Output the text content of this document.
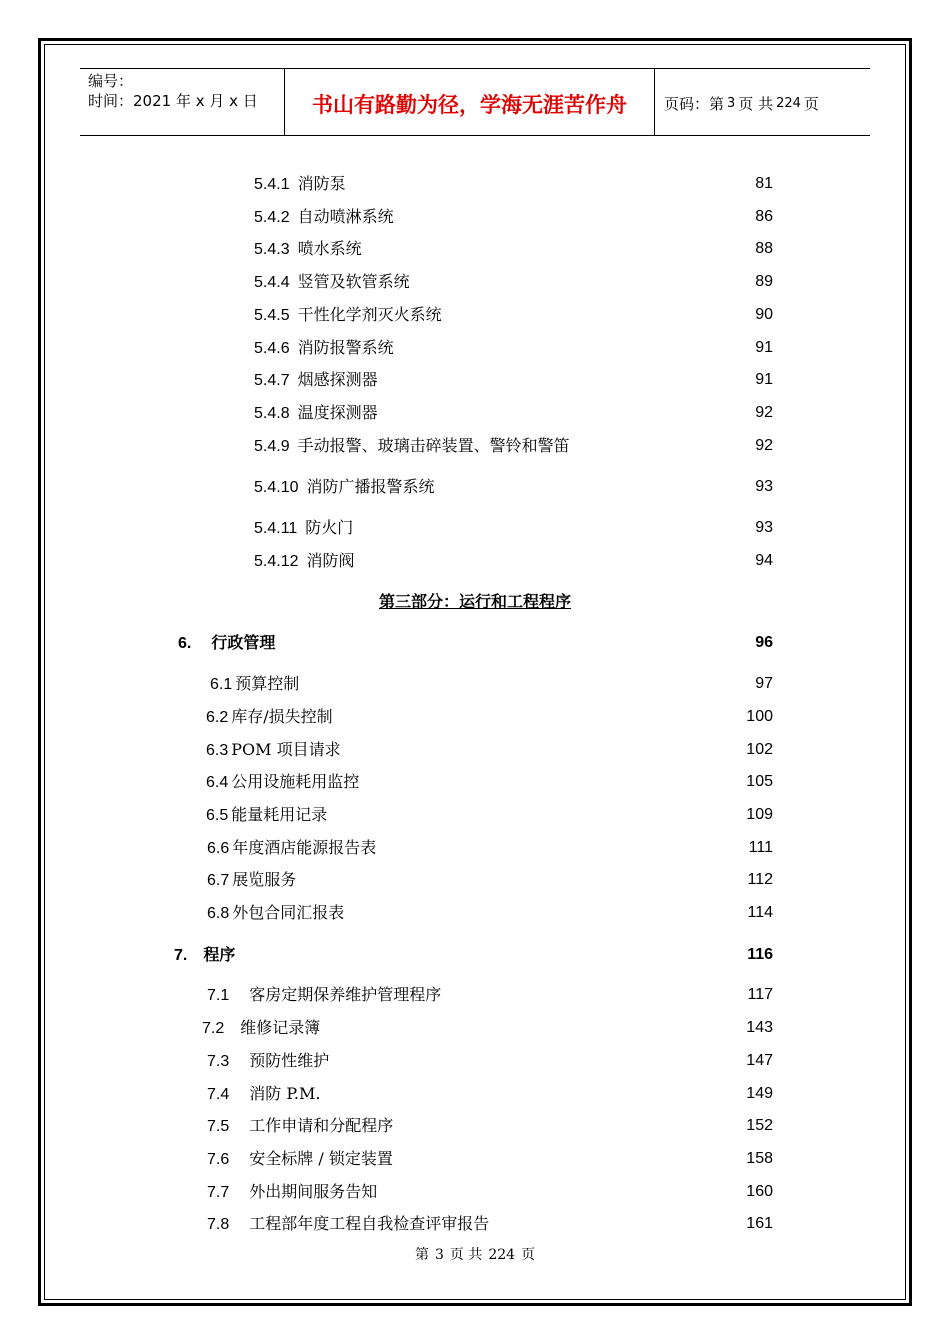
编号：
时间：2021 年 x 月 x 日	书山有路勤为径，学海无涯苦作舟	页码：第 3 页 共 224 页
5.4.1 消防泵	81
5.4.2 自动喷淋系统	86
5.4.3 喷水系统	88
5.4.4 竖管及软管系统	89
5.4.5 干性化学剂灭火系统	90
5.4.6 消防报警系统	91
5.4.7 烟感探测器	91
5.4.8 温度探测器	92
5.4.9 手动报警、玻璃击碎装置、警铃和警笛	92
5.4.10 消防广播报警系统	93
5.4.11 防火门	93
5.4.12 消防阀	94
6. 行政管理	96
6.1 预算控制	97
6.2 库存/损失控制	100
6.3 POM 项目请求	102
6.4 公用设施耗用监控	105
6.5 能量耗用记录	109
6.6 年度酒店能源报告表	111
6.7 展览服务	112
6.8 外包合同汇报表	114
7. 程序	116
7.1 客房定期保养维护管理程序	117
7.2 维修记录簿	143
7.3 预防性维护	147
7.4 消防 P.M.	149
7.5 工作申请和分配程序	152
7.6 安全标牌 / 锁定装置	158
7.7 外出期间服务告知	160
7.8 工程部年度工程自我检查评审报告	161
第三部分：运行和工程程序
第 3 页 共 224 页
